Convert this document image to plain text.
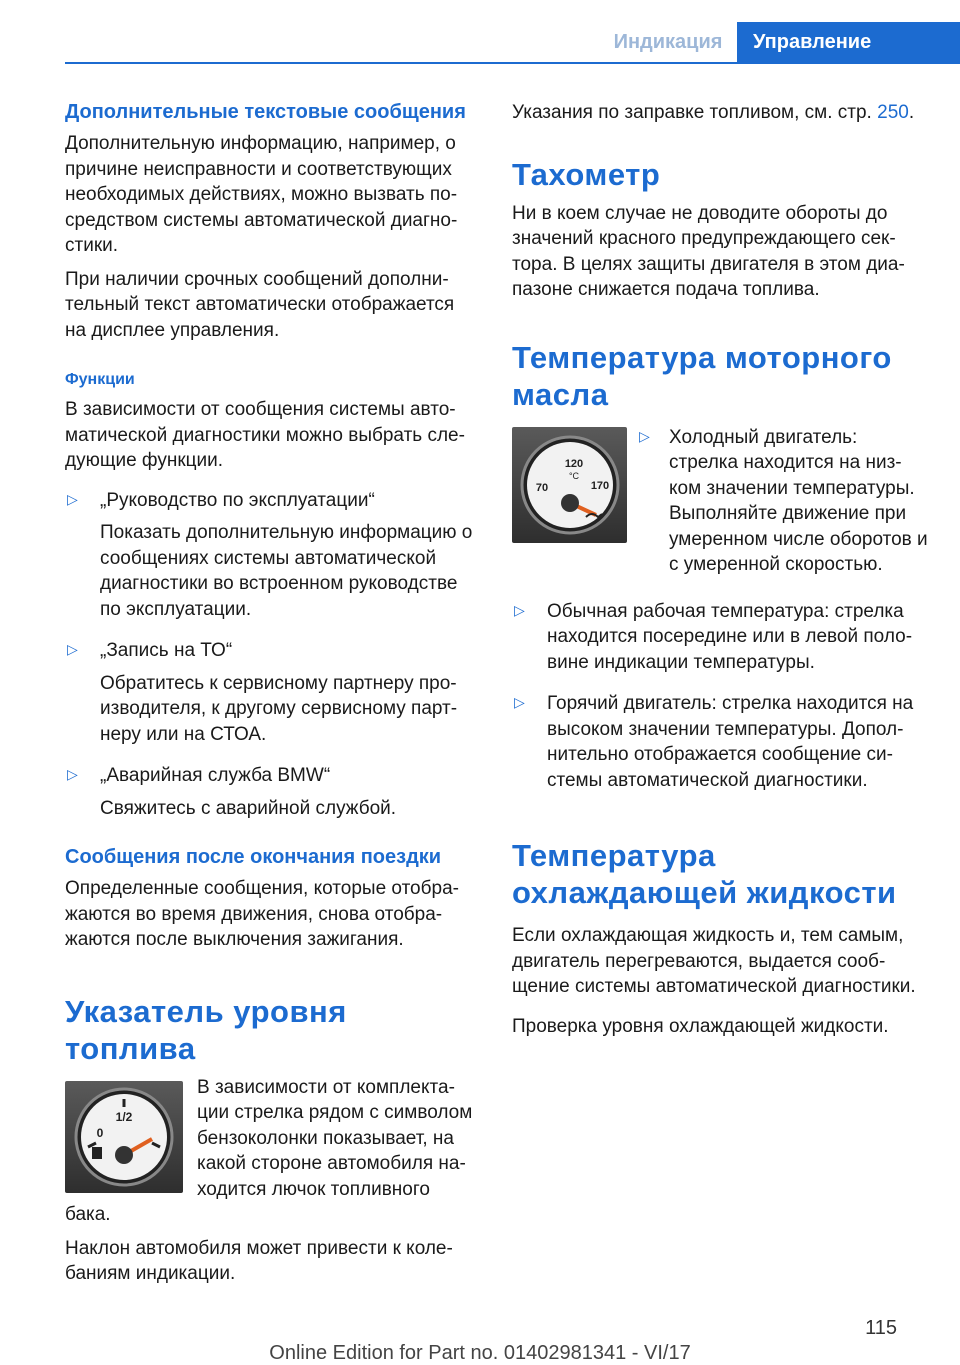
Индикация	Управление
Дополнительные текстовые сообщения

Дополнительную информацию, например, о причине неисправности и соответствующих необходимых действиях, можно вызвать по-средством системы автоматической диагно-стики.

При наличии срочных сообщений дополни-тельный текст автоматически отображается на дисплее управления.

Функции

В зависимости от сообщения системы авто-матической диагностики можно выбрать сле-дующие функции.

▷ „Руководство по эксплуатации“

Показать дополнительную информацию о сообщениях системы автоматической диагностики во встроенном руководстве по эксплуатации.

▷ „Запись на ТО“

Обратитесь к сервисному партнеру про-изводителя, к другому сервисному парт-неру или на СТОА.

▷ „Аварийная служба BMW“

Свяжитесь с аварийной службой.

Сообщения после окончания поездки

Определенные сообщения, которые отобра-жаются во время движения, снова отобра-жаются после выключения зажигания.

Указатель уровня топлива
1/2
0

В зависимости от комплекта-ции стрелка рядом с символом бензоколонки показывает, на какой стороне автомобиля на-ходится лючок топливного бака.

Наклон автомобиля может привести к коле-баниям индикации.

Указания по заправке топливом, см. стр. 250.

Тахометр

Ни в коем случае не доводите обороты до значений красного предупреждающего сек-тора. В целях защиты двигателя в этом диа-пазоне снижается подача топлива.

Температура моторного масла
120
°C
70	170
▷ Холодный двигатель: стрелка находится на низ-ком значении температуры. Выполняйте движение при умеренном числе оборотов и с умеренной скоростью.

▷ Обычная рабочая температура: стрелка находится посередине или в левой поло-вине индикации температуры.

▷ Горячий двигатель: стрелка находится на высоком значении температуры. Допол-нительно отображается сообщение си-стемы автоматической диагностики.

Температура охлаждающей жидкости

Если охлаждающая жидкость и, тем самым, двигатель перегреваются, выдается сооб-щение системы автоматической диагностики.

Проверка уровня охлаждающей жидкости.

115
Online Edition for Part no. 01402981341 - VI/17
